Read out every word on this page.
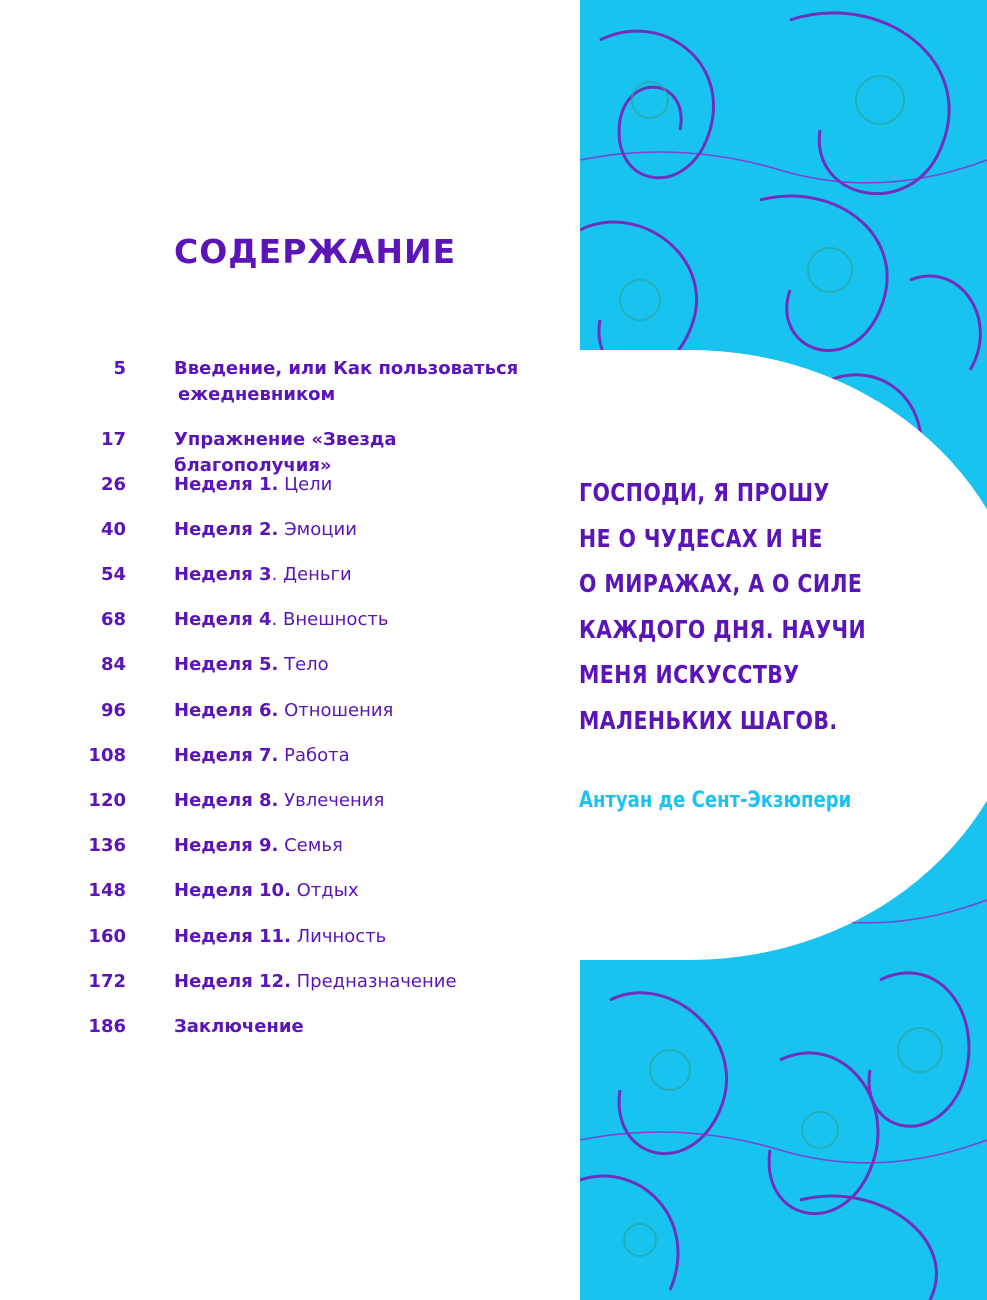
СОДЕРЖАНИЕ
5	Введение, или Как пользоваться
ежедневником
17	Упражнение «Звезда благополучия»
26	Неделя 1. Цели
40	Неделя 2. Эмоции
54	Неделя 3. Деньги
68	Неделя 4. Внешность
84	Неделя 5. Тело
96	Неделя 6. Отношения
108	Неделя 7. Работа
120	Неделя 8. Увлечения
136	Неделя 9. Семья
148	Неделя 10. Отдых
160	Неделя 11. Личность
172	Неделя 12. Предназначение
186	Заключение
ГОСПОДИ, Я ПРОШУ
НЕ О ЧУДЕСАХ И НЕ
О МИРАЖАХ, А О СИЛЕ
КАЖДОГО ДНЯ. НАУЧИ
МЕНЯ ИСКУССТВУ
МАЛЕНЬКИХ ШАГОВ.
Антуан де Сент-Экзюпери
